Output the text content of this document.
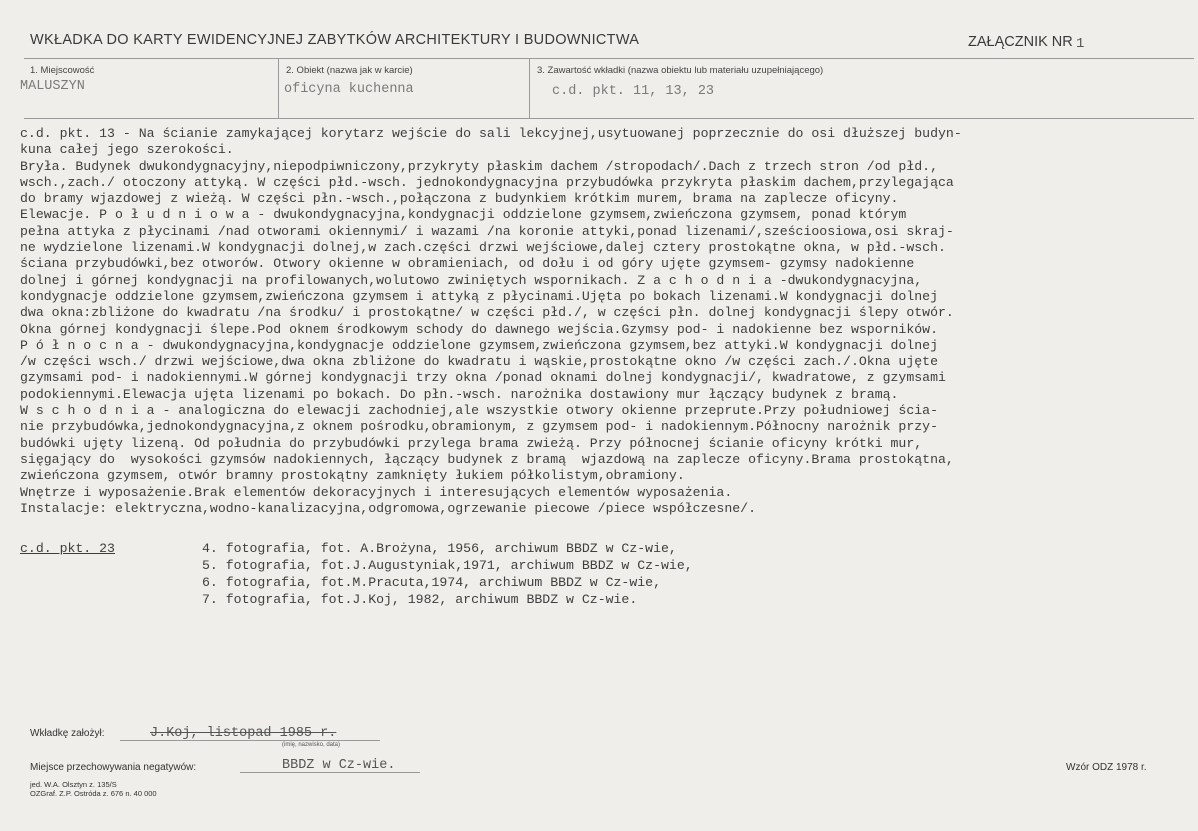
WKŁADKA DO KARTY EWIDENCYJNEJ ZABYTKÓW ARCHITEKTURY I BUDOWNICTWA	ZAŁĄCZNIK NR 1
1. Miejscowość
MALUSZYN
2. Obiekt (nazwa jak w karcie)
oficyna kuchenna
3. Zawartość wkładki (nazwa obiektu lub materiału uzupełniającego)
c.d. pkt. 11, 13, 23
c.d. pkt. 13 - Na ścianie zamykającej korytarz wejście do sali lekcyjnej,usytuowanej poprzecznie do osi dłuższej budyn-
kuna całej jego szerokości.
Bryła. Budynek dwukondygnacyjny,niepodpiwniczony,przykryty płaskim dachem /stropodach/.Dach z trzech stron /od płd.,
wsch.,zach./ otoczony attyką. W części płd.-wsch. jednokondygnacyjna przybudówka przykryta płaskim dachem,przylegająca
do bramy wjazdowej z wieżą. W części płn.-wsch.,połączona z budynkiem krótkim murem, brama na zaplecze oficyny.
Elewacje. P o ł u d n i o w a - dwukondygnacyjna,kondygnacji oddzielone gzymsem,zwieńczona gzymsem, ponad którym
pełna attyka z płycinami /nad otworami okiennymi/ i wazami /na koronie attyki,ponad lizenami/,sześcioosiowa,osi skraj-
ne wydzielone lizenami.W kondygnacji dolnej,w zach.części drzwi wejściowe,dalej cztery prostokątne okna, w płd.-wsch.
ściana przybudówki,bez otworów. Otwory okienne w obramieniach, od dołu i od góry ujęte gzymsem- gzymsy nadokienne
dolnej i górnej kondygnacji na profilowanych,wolutowo zwiniętych wspornikach. Z a c h o d n i a -dwukondygnacyjna,
kondygnacje oddzielone gzymsem,zwieńczona gzymsem i attyką z płycinami.Ujęta po bokach lizenami.W kondygnacji dolnej
dwa okna:zbliżone do kwadratu /na środku/ i prostokątne/ w części płd./, w części płn. dolnej kondygnacji ślepy otwór.
Okna górnej kondygnacji ślepe.Pod oknem środkowym schody do dawnego wejścia.Gzymsy pod- i nadokienne bez wsporników.
P ó ł n o c n a - dwukondygnacyjna,kondygnacje oddzielone gzymsem,zwieńczona gzymsem,bez attyki.W kondygnacji dolnej
/w części wsch./ drzwi wejściowe,dwa okna zbliżone do kwadratu i wąskie,prostokątne okno /w części zach./.Okna ujęte
gzymsami pod- i nadokiennymi.W górnej kondygnacji trzy okna /ponad oknami dolnej kondygnacji/, kwadratowe, z gzymsami
podokiennymi.Elewacja ujęta lizenami po bokach. Do płn.-wsch. narożnika dostawiony mur łączący budynek z bramą.
W s c h o d n i a - analogiczna do elewacji zachodniej,ale wszystkie otwory okienne przeprute.Przy południowej ścia-
nie przybudówka,jednokondygnacyjna,z oknem pośrodku,obramionym, z gzymsem pod- i nadokiennym.Północny narożnik przy-
budówki ujęty lizeną. Od południa do przybudówki przylega brama zwieżą. Przy północnej ścianie oficyny krótki mur,
sięgający do  wysokości gzymsów nadokiennych, łączący budynek z bramą  wjazdową na zaplecze oficyny.Brama prostokątna,
zwieńczona gzymsem, otwór bramny prostokątny zamknięty łukiem półkolistym,obramiony.
Wnętrze i wyposażenie.Brak elementów dekoracyjnych i interesujących elementów wyposażenia.
Instalacje: elektryczna,wodno-kanalizacyjna,odgromowa,ogrzewanie piecowe /piece współczesne/.
c.d. pkt. 23	4. fotografia, fot. A.Brożyna, 1956, archiwum BBDZ w Cz-wie,
5. fotografia, fot.J.Augustyniak,1971, archiwum BBDZ w Cz-wie,
6. fotografia, fot.M.Pracuta,1974, archiwum BBDZ w Cz-wie,
7. fotografia, fot.J.Koj, 1982, archiwum BBDZ w Cz-wie.
Wkładkę założył:	J.Koj, listopad 1985 r.
(imię, nazwisko, data)
Miejsce przechowywania negatywów:	BBDZ w Cz-wie.
jed. W.A. Olsztyn z. 135/S
OZGraf. Z.P. Ostróda z. 676 n. 40 000
Wzór ODZ 1978 r.
